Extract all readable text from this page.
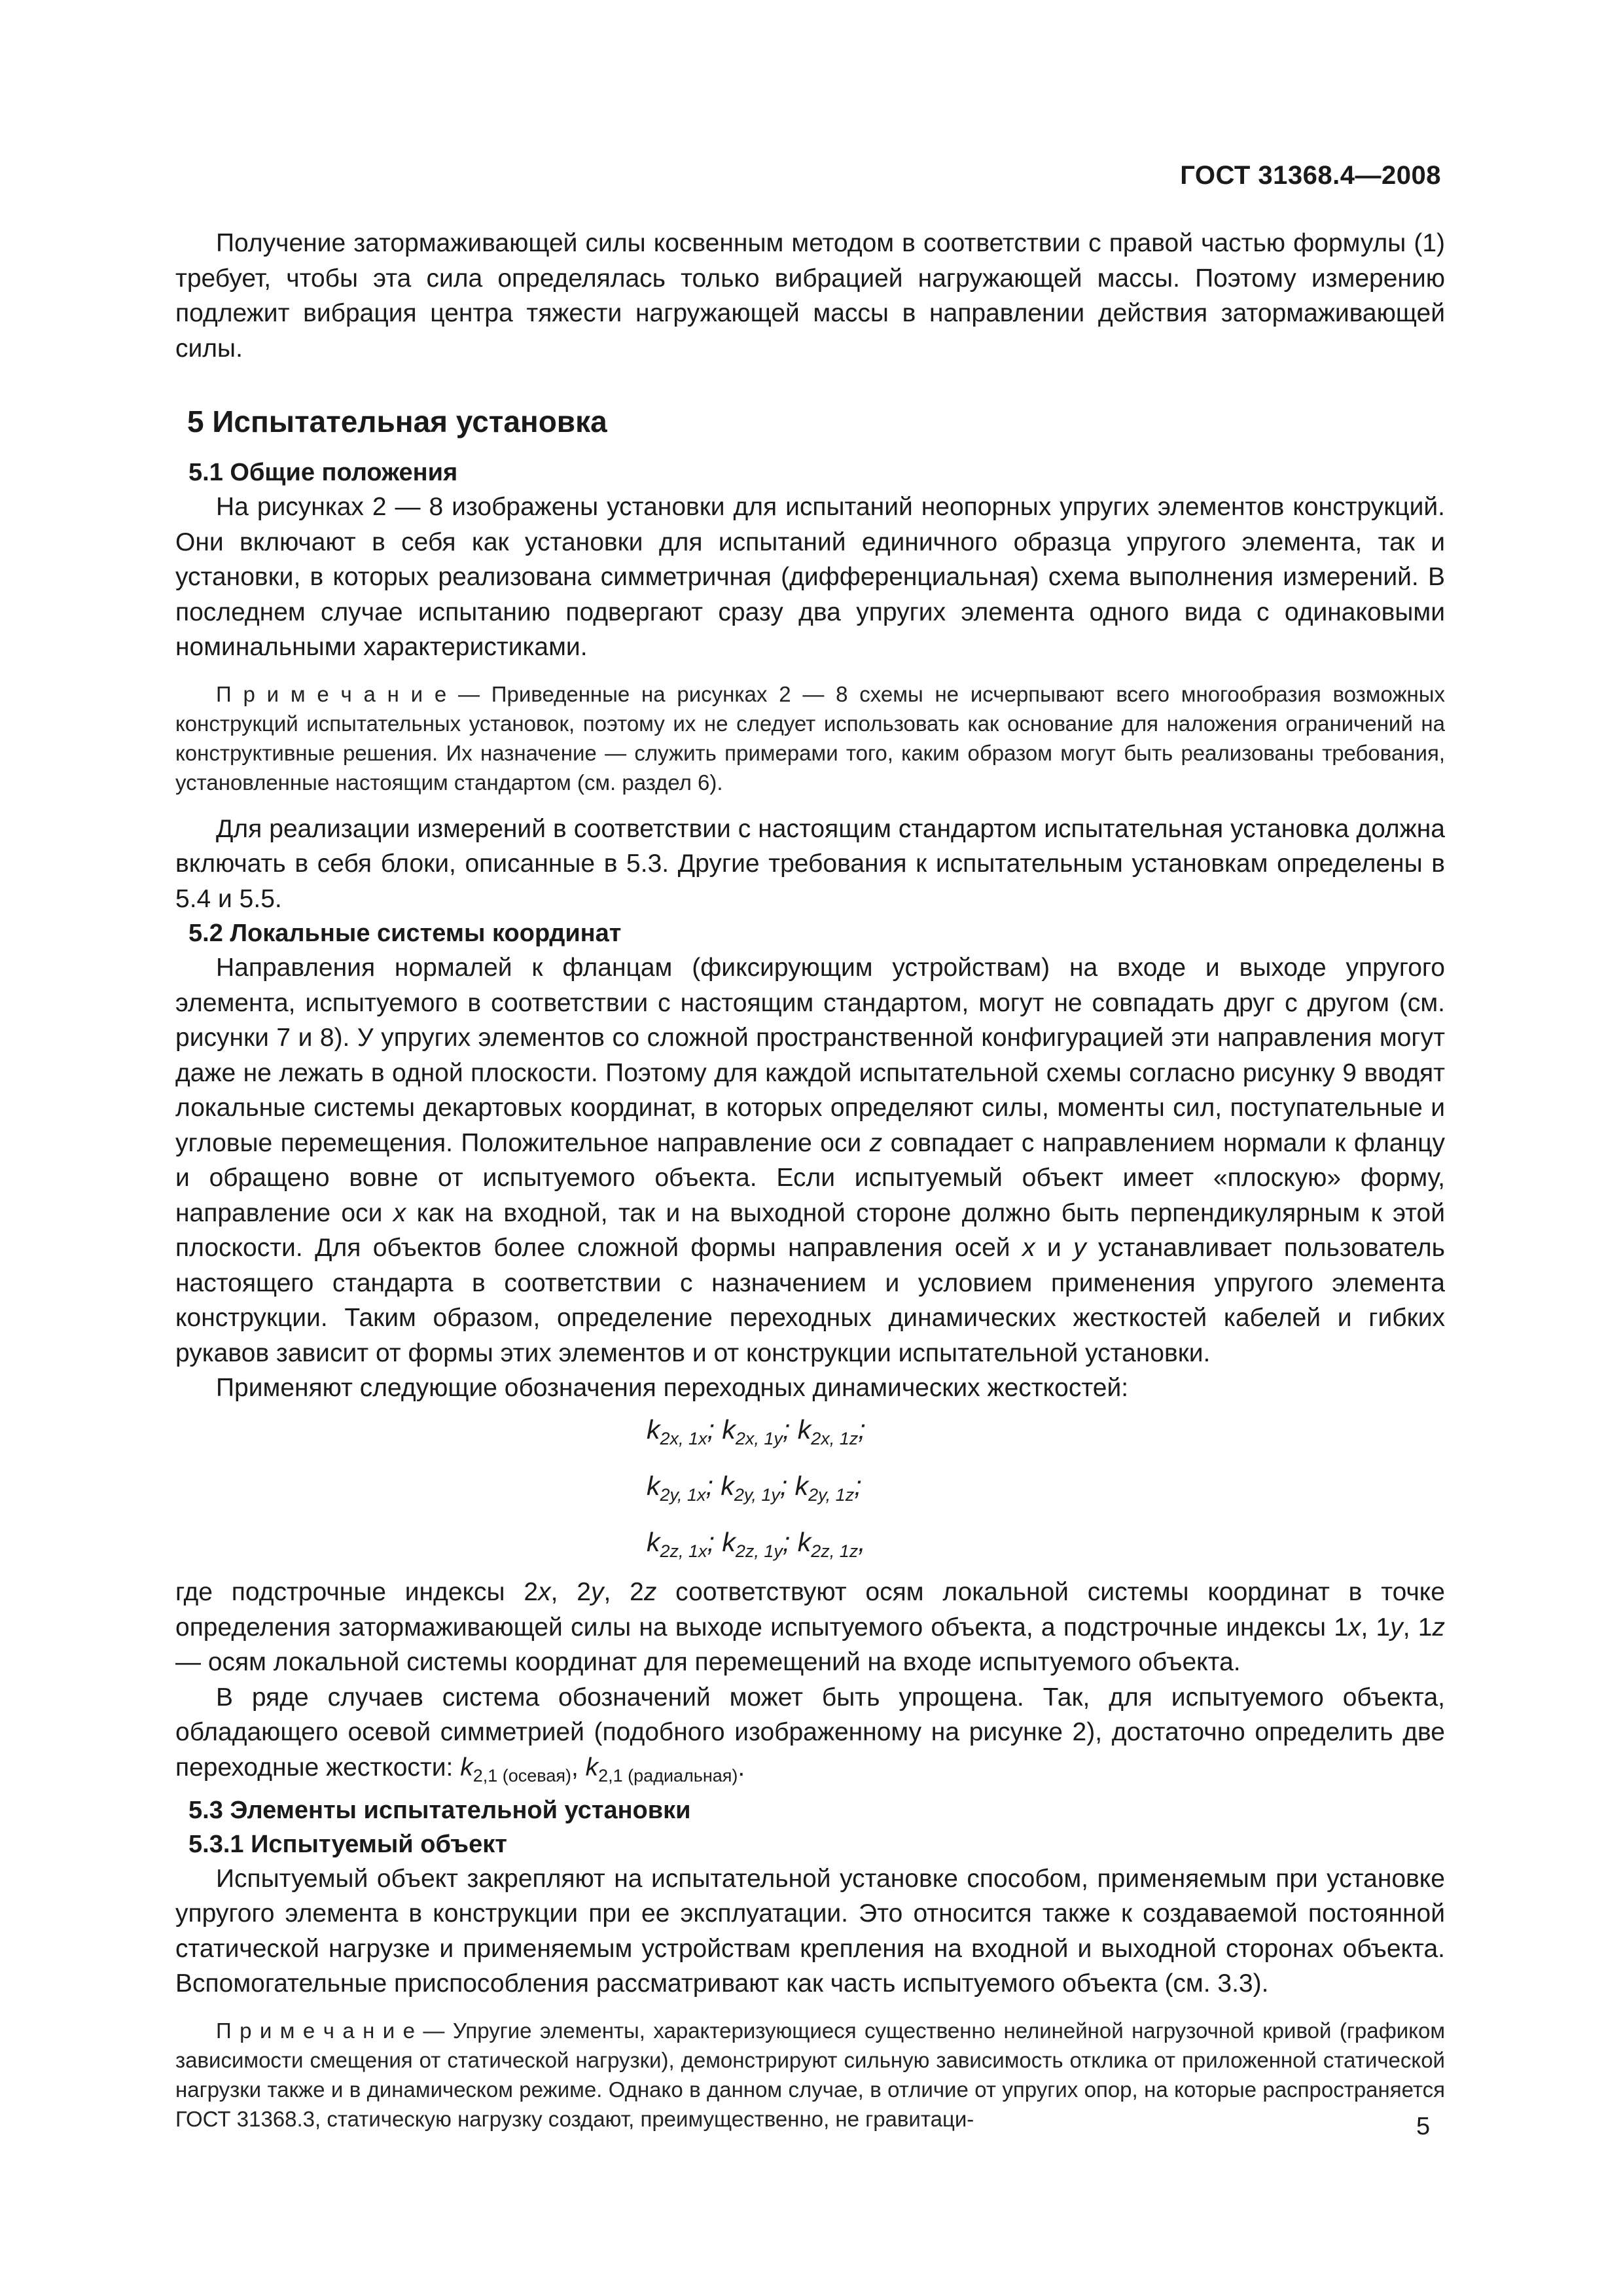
ГОСТ 31368.4—2008

Получение затормаживающей силы косвенным методом в соответствии с правой частью формулы (1) требует, чтобы эта сила определялась только вибрацией нагружающей массы. Поэтому измерению подлежит вибрация центра тяжести нагружающей массы в направлении действия затормаживающей силы.

5 Испытательная установка
5.1 Общие положения

На рисунках 2 — 8 изображены установки для испытаний неопорных упругих элементов конструкций. Они включают в себя как установки для испытаний единичного образца упругого элемента, так и установки, в которых реализована симметричная (дифференциальная) схема выполнения измерений. В последнем случае испытанию подвергают сразу два упругих элемента одного вида с одинаковыми номинальными характеристиками.

П р и м е ч а н и е — Приведенные на рисунках 2 — 8 схемы не исчерпывают всего многообразия возможных конструкций испытательных установок, поэтому их не следует использовать как основание для наложения ограничений на конструктивные решения. Их назначение — служить примерами того, каким образом могут быть реализованы требования, установленные настоящим стандартом (см. раздел 6).

Для реализации измерений в соответствии с настоящим стандартом испытательная установка должна включать в себя блоки, описанные в 5.3. Другие требования к испытательным установкам определены в 5.4 и 5.5.

5.2 Локальные системы координат

Направления нормалей к фланцам (фиксирующим устройствам) на входе и выходе упругого элемента, испытуемого в соответствии с настоящим стандартом, могут не совпадать друг с другом (см. рисунки 7 и 8). У упругих элементов со сложной пространственной конфигурацией эти направления могут даже не лежать в одной плоскости. Поэтому для каждой испытательной схемы согласно рисунку 9 вводят локальные системы декартовых координат, в которых определяют силы, моменты сил, поступательные и угловые перемещения. Положительное направление оси z совпадает с направлением нормали к фланцу и обращено вовне от испытуемого объекта. Если испытуемый объект имеет «плоскую» форму, направление оси x как на входной, так и на выходной стороне должно быть перпендикулярным к этой плоскости. Для объектов более сложной формы направления осей x и y устанавливает пользователь настоящего стандарта в соответствии с назначением и условием применения упругого элемента конструкции. Таким образом, определение переходных динамических жесткостей кабелей и гибких рукавов зависит от формы этих элементов и от конструкции испытательной установки.

Применяют следующие обозначения переходных динамических жесткостей:

$k_{2x, 1x}$; $k_{2x, 1y}$; $k_{2x, 1z}$;
$k_{2y, 1x}$; $k_{2y, 1y}$; $k_{2y, 1z}$;
$k_{2z, 1x}$; $k_{2z, 1y}$; $k_{2z, 1z}$,

где подстрочные индексы 2x, 2y, 2z соответствуют осям локальной системы координат в точке определения затормаживающей силы на выходе испытуемого объекта, а подстрочные индексы 1x, 1y, 1z — осям локальной системы координат для перемещений на входе испытуемого объекта.

В ряде случаев система обозначений может быть упрощена. Так, для испытуемого объекта, обладающего осевой симметрией (подобного изображенному на рисунке 2), достаточно определить две переходные жесткости: $k_{2,1 (осевая)}$, $k_{2,1 (радиальная)}$.

5.3 Элементы испытательной установки
5.3.1 Испытуемый объект

Испытуемый объект закрепляют на испытательной установке способом, применяемым при установке упругого элемента в конструкции при ее эксплуатации. Это относится также к создаваемой постоянной статической нагрузке и применяемым устройствам крепления на входной и выходной сторонах объекта. Вспомогательные приспособления рассматривают как часть испытуемого объекта (см. 3.3).

П р и м е ч а н и е — Упругие элементы, характеризующиеся существенно нелинейной нагрузочной кривой (графиком зависимости смещения от статической нагрузки), демонстрируют сильную зависимость отклика от приложенной статической нагрузки также и в динамическом режиме. Однако в данном случае, в отличие от упругих опор, на которые распространяется ГОСТ 31368.3, статическую нагрузку создают, преимущественно, не гравитаци-	5
